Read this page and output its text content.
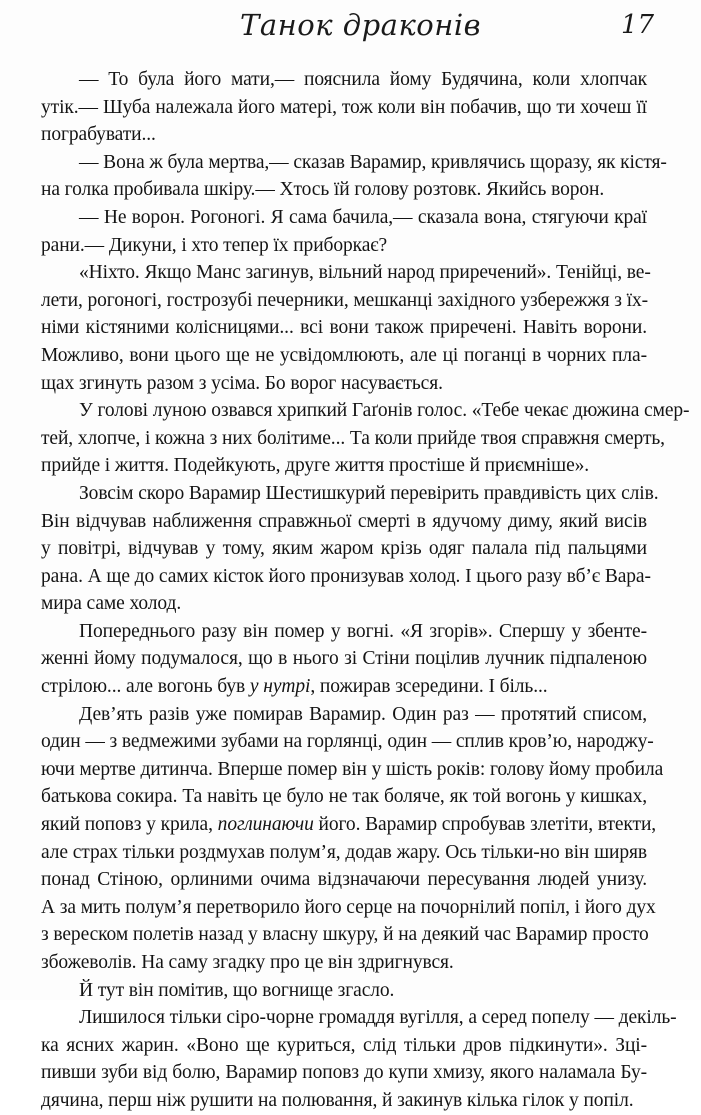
Танок драконів	17
— То була його мати,— пояснила йому Будячина, коли хлопчак
утік.— Шуба належала його матері, тож коли він побачив, що ти хочеш її
пограбувати...
— Вона ж була мертва,— сказав Варамир, кривлячись щоразу, як кістя-
на голка пробивала шкіру.— Хтось їй голову розтовк. Якийсь ворон.
— Не ворон. Рогоногі. Я сама бачила,— сказала вона, стягуючи краї
рани.— Дикуни, і хто тепер їх приборкає?
«Ніхто. Якщо Манс загинув, вільний народ приречений». Тенійці, ве-
лети, рогоногі, гострозубі печерники, мешканці західного узбережжя з їх-
німи кістяними колісницями... всі вони також приречені. Навіть ворони.
Можливо, вони цього ще не усвідомлюють, але ці поганці в чорних пла-
щах згинуть разом з усіма. Бо ворог насувається.
У голові луною озвався хрипкий Гаґонів голос. «Тебе чекає дюжина смер-
тей, хлопче, і кожна з них болітиме... Та коли прийде твоя справжня смерть,
прийде і життя. Подейкують, друге життя простіше й приємніше».
Зовсім скоро Варамир Шестишкурий перевірить правдивість цих слів.
Він відчував наближення справжньої смерті в ядучому диму, який висів
у повітрі, відчував у тому, яким жаром крізь одяг палала під пальцями
рана. А ще до самих кісток його пронизував холод. І цього разу вб’є Вара-
мира саме холод.
Попереднього разу він помер у вогні. «Я згорів». Спершу у збенте-
женні йому подумалося, що в нього зі Стіни поцілив лучник підпаленою
стрілою... але вогонь був у нутрі, пожирав зсередини. І біль...
Дев’ять разів уже помирав Варамир. Один раз — протятий списом,
один — з ведмежими зубами на горлянці, один — сплив кров’ю, народжу-
ючи мертве дитинча. Вперше помер він у шість років: голову йому пробила
батькова сокира. Та навіть це було не так боляче, як той вогонь у кишках,
який поповз у крила, поглинаючи його. Варамир спробував злетіти, втекти,
але страх тільки роздмухав полум’я, додав жару. Ось тільки-но він ширяв
понад Стіною, орлиними очима відзначаючи пересування людей унизу.
А за мить полум’я перетворило його серце на почорнілий попіл, і його дух
з вереском полетів назад у власну шкуру, й на деякий час Варамир просто
збожеволів. На саму згадку про це він здригнувся.
Й тут він помітив, що вогнище згасло.
Лишилося тільки сіро-чорне громаддя вугілля, а серед попелу — декіль-
ка ясних жарин. «Воно ще куриться, слід тільки дров підкинути». Зці-
пивши зуби від болю, Варамир поповз до купи хмизу, якого наламала Бу-
дячина, перш ніж рушити на полювання, й закинув кілька гілок у попіл.
